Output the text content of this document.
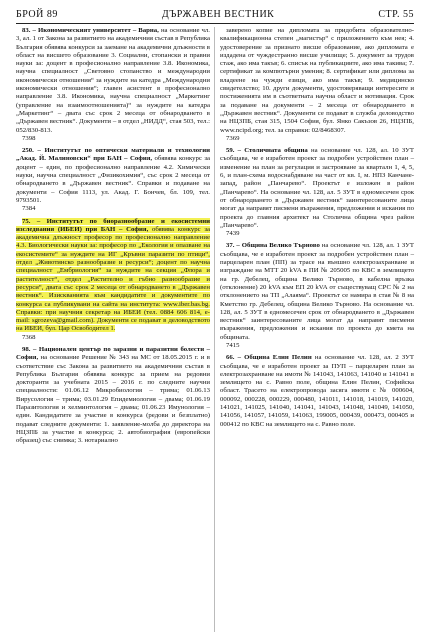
БРОЙ 89	ДЪРЖАВЕН ВЕСТНИК	СТР. 55

83. – Икономическият университет – Варна, на основание чл. 3, ал. 1 от Закона за развитието на академичния състав в Република България обявява конкурси за заемане на академични длъжности в област на висшето образование 3. Социални, стопански и правни науки за: доцент в професионално направление 3.8. Икономика, научна специалност „Световно стопанство и международни икономически отношения“ за нуждите на катедра „Международни икономически отношения“; главен асистент в професионално направление 3.8. Икономика, научна специалност „Маркетинг (управление на взаимоотношенията)“ за нуждите на катедра „Маркетинг“ – двата със срок 2 месеца от обнародването в „Държавен вестник“. Документи – в отдел „НИДД“, стая 503, тел.: 052/830-813.

7398

250. – Институтът по оптически материали и технологии „Акад. Й. Малиновски“ при БАН – София, обявява конкурс за доцент – един, по професионално направление 4.2. Химически науки, научна специалност „Физикохимия“, със срок 2 месеца от обнародването в „Държавен вестник“. Справки и подаване на документи – София 1113, ул. Акад. Г. Бончев, бл. 109, тел. 9793501.

7384

75. – Институтът по биоразнообразие и екосистемни изследвания (ИБЕИ) при БАН – София, обявява конкурс за академична длъжност професор по професионално направление 4.3. Биологически науки за: професор по „Екология и опазване на екосистемите“ за нуждите на ИГ „Кръвни паразити по птици“, отдел „Животинско разнообразие и ресурси“; доцент по научна специалност „Ембриология“ за нуждите на секция „Флора и растителност“, отдел „Растително и гъбно разнообразие и ресурси“, двата със срок 2 месеца от обнародването в „Държавен вестник“. Изискванията към кандидатите и документите по конкурса са публикувани на сайта на института: www.iber.bas.bg. Справки: при научния секретар на ИБЕИ (тел. 0884 606 814, e-mail: sgrozeva@gmail.com). Документи се подават в деловодството на ИБЕИ, бул. Цар Освободител 1.

7368

98. – Национален център по заразни и паразитни болести – София, на основание Решение № 343 на МС от 18.05.2015 г. и в съответствие със Закона за развитието на академичния състав в Република България обявява конкурс за прием на редовни докторанти за учебната 2015 – 2016 г. по следните научни специалности: 01.06.12 Микробиология – трима; 01.06.13 Вирусология – трима; 03.01.29 Епидемиология – двама; 01.06.19 Паразитология и хелминтология – двама; 01.06.23 Имунология – един. Кандидатите за участие в конкурса (редови и безплатно) подават следните документи: 1. заявление-молба до директора на НЦЗПБ за участие в конкурса; 2. автобиография (европейски образец) със снимка; 3. нотариално

заверено копие на дипломата за придобита образователно-квалификационна степен „магистър“ с приложението към нея; 4. удостоверение за признато висше образование, ако дипломата е издадена от чуждестранно висше училище; 5. документ за трудов стаж, ако има такъв; 6. списък на публикациите, ако има такива; 7. сертификат за компютърни умения; 8. сертификат или диплома за владеене на чужди езици, ако има такъв; 9. медицинско свидетелство; 10. други документи, удостоверяващи интересите и постиженията им в съответната научна област и мотивация. Срок за подаване на документи – 2 месеца от обнародването в „Държавен вестник“. Документи се подават в служба деловодство на НЦЗПБ, стая 315, 1504 София, бул. Янко Сакъзов 26, НЦЗПБ, www.ncipd.org; тел. за справки: 02/8468307.

7369

59. – Столичната община на основание чл. 128, ал. 10 ЗУТ съобщава, че е изработен проект за подробен устройствен план – изменение на план за регулация и застрояване за кварталн 1, 4, 5, 6, и план-схема водоснабдяване на част от кв. I, м. НПЗ Канчане-запад, район „Панчарево“. Проектът е изложен в район „Панчарево“. На основание чл. 128, ал. 5 ЗУТ в едномесечен срок от обнародването в „Държавен вестник“ заинтересованите лица могат да направят писмени възражения, предложения и искания по проекта до главния архитект на Столична община чрез район „Панчарево“.

7439

37. – Община Велико Търново на основание чл. 128, ал. 1 ЗУТ съобщава, че е изработен проект за подробен устройствен план – парцеларен план (ПП) за трасе на външно електрозахранване и изграждане на МТТ 20 kVA в ПИ № 205005 по КВС в землището на гр. Дебелец, община Велико Търново, в кабелна връзка (отклонение) 20 kVA към ЕП 20 kVA от съществуващ СРС № 2 на отклонението на ТП „Алаяма“. Проектът се намира в стая № 8 на Кметство гр. Дебелец, община Велико Търново. На основание чл. 128, ал. 5 ЗУТ в едномесечен срок от обнародването в „Държавен вестник“ заинтересованите лица могат да направят писмени възражения, предложения и искания по проекта до кмета на общината.

7415

66. – Община Елин Пелин на основание чл. 128, ал. 2 ЗУТ съобщава, че е изработен проект за ПУП – парцеларен план за електрозахранване на имоти № 141043, 141063, 141040 и 141041 в землището на с. Равно поле, община Елин Пелин, Софийска област. Трасето на електропровода засяга имоти с № 000604, 000092, 000228, 000229, 000480, 141011, 141018, 141019, 141020, 141021, 141025, 141040, 141041, 141043, 141048, 141049, 141050, 141056, 141057, 141059, 141063, 199005, 000439, 000473, 000405 и 000412 по КВС на землището на с. Равно поле.
